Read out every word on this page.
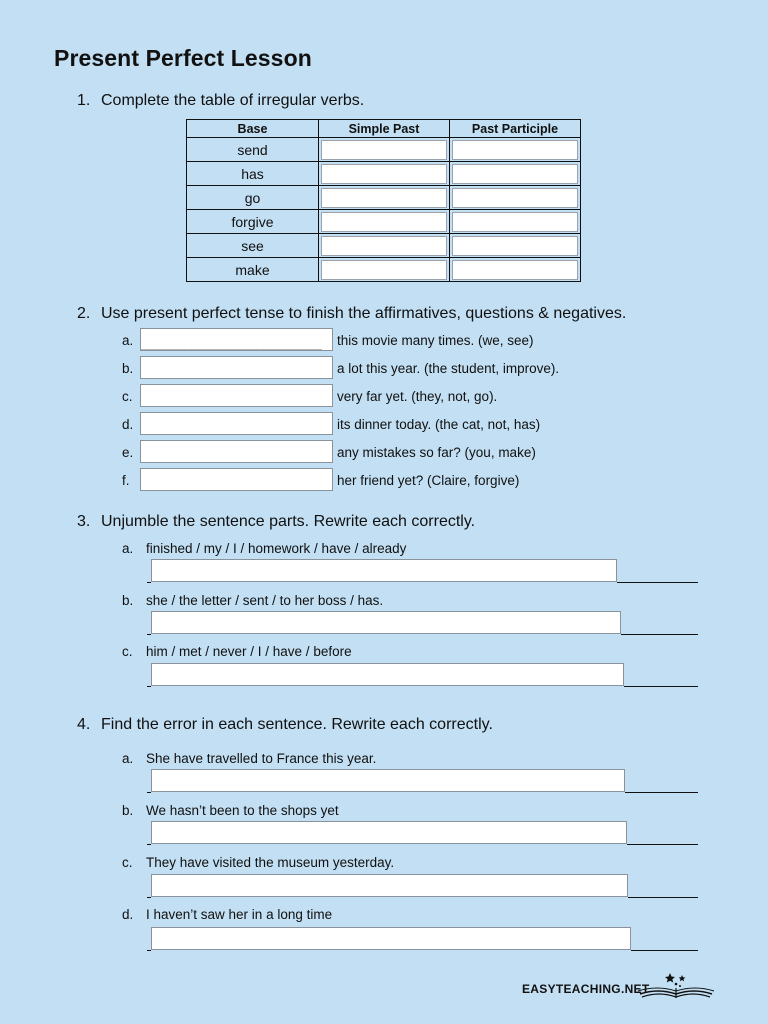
Present Perfect Lesson
1. Complete the table of irregular verbs.
Base	Simple Past	Past Participle
send	

has	

go	

forgive	

see	

make	

2. Use present perfect tense to finish the affirmatives, questions & negatives.
a. _________________________	this movie many times. (we, see)
b.	a lot this year. (the student, improve).
c.	very far yet. (they, not, go).
d.	its dinner today. (the cat, not, has)
e.	any mistakes so far? (you, make)
f.	her friend yet? (Claire, forgive)
3. Unjumble the sentence parts. Rewrite each correctly.
a. finished / my / I / homework / have / already
b. she / the letter / sent / to her boss / has.
c. him / met / never / I / have / before
4. Find the error in each sentence. Rewrite each correctly.
a. She have travelled to France this year.
b. We hasn’t been to the shops yet
c. They have visited the museum yesterday.
d. I haven’t saw her in a long time
EASYTEACHING.NET
